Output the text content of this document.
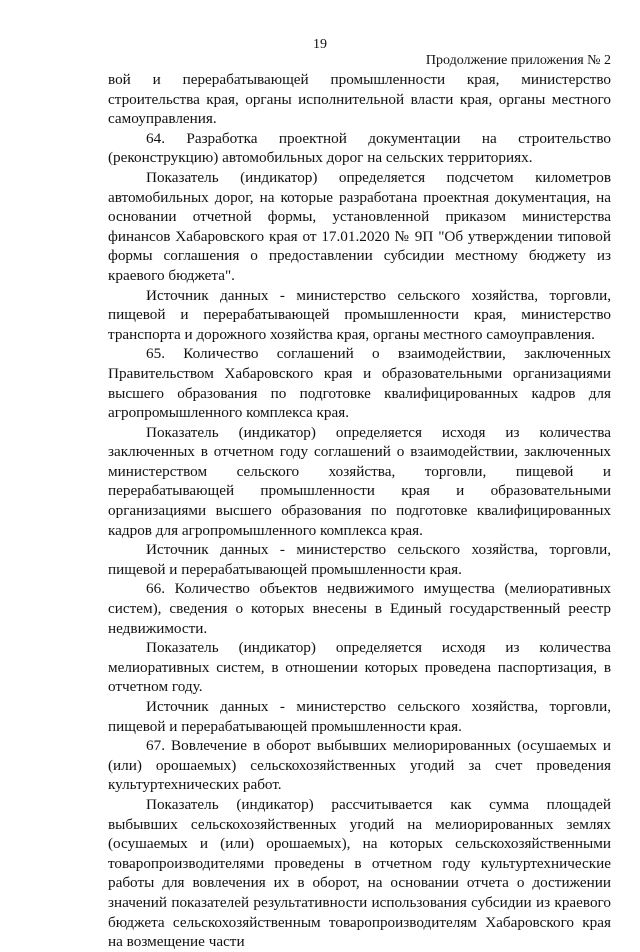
19
Продолжение приложения № 2

вой и перерабатывающей промышленности края, министерство строительства края, органы исполнительной власти края, органы местного самоуправления.

64. Разработка проектной документации на строительство (реконструкцию) автомобильных дорог на сельских территориях.

Показатель (индикатор) определяется подсчетом километров автомобильных дорог, на которые разработана проектная документация, на основании отчетной формы, установленной приказом министерства финансов Хабаровского края от 17.01.2020 № 9П "Об утверждении типовой формы соглашения о предоставлении субсидии местному бюджету из краевого бюджета".

Источник данных - министерство сельского хозяйства, торговли, пищевой и перерабатывающей промышленности края, министерство транспорта и дорожного хозяйства края, органы местного самоуправления.

65. Количество соглашений о взаимодействии, заключенных Правительством Хабаровского края и образовательными организациями высшего образования по подготовке квалифицированных кадров для агропромышленного комплекса края.

Показатель (индикатор) определяется исходя из количества заключенных в отчетном году соглашений о взаимодействии, заключенных министерством сельского хозяйства, торговли, пищевой и перерабатывающей промышленности края и образовательными организациями высшего образования по подготовке квалифицированных кадров для агропромышленного комплекса края.

Источник данных - министерство сельского хозяйства, торговли, пищевой и перерабатывающей промышленности края.

66. Количество объектов недвижимого имущества (мелиоративных систем), сведения о которых внесены в Единый государственный реестр недвижимости.

Показатель (индикатор) определяется исходя из количества мелиоративных систем, в отношении которых проведена паспортизация, в отчетном году.

Источник данных - министерство сельского хозяйства, торговли, пищевой и перерабатывающей промышленности края.

67. Вовлечение в оборот выбывших мелиорированных (осушаемых и (или) орошаемых) сельскохозяйственных угодий за счет проведения культуртехнических работ.

Показатель (индикатор) рассчитывается как сумма площадей выбывших сельскохозяйственных угодий на мелиорированных землях (осушаемых и (или) орошаемых), на которых сельскохозяйственными товаропроизводителями проведены в отчетном году культуртехнические работы для вовлечения их в оборот, на основании отчета о достижении значений показателей результативности использования субсидии из краевого бюджета сельскохозяйственным товаропроизводителям Хабаровского края на возмещение части
